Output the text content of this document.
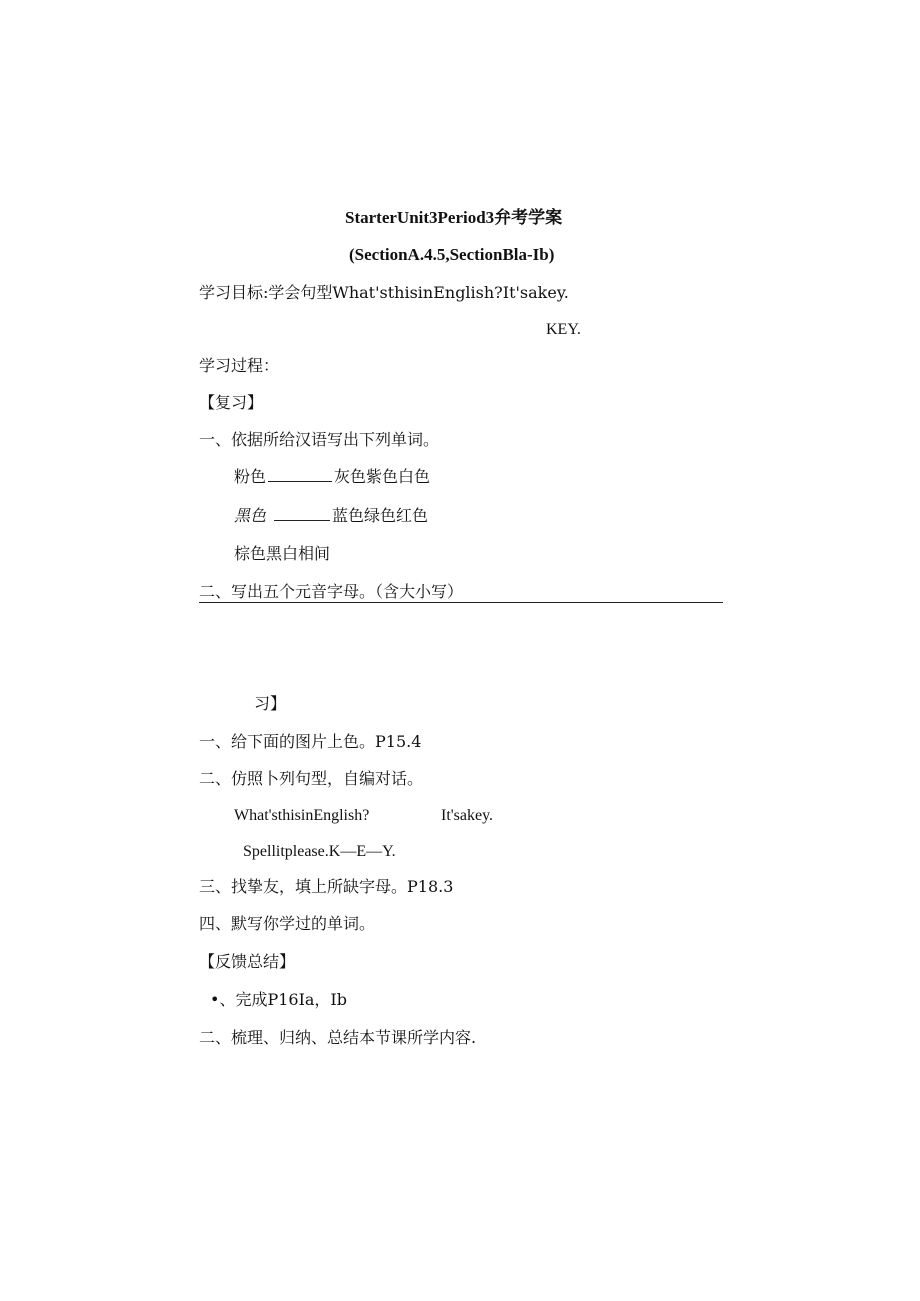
StarterUnit3Period3弁考学案
(SectionA.4.5,SectionBla-Ib)
学习目标:学会句型What'sthisinEnglish?It'sakey.
KEY.
学习过程：
【复习】
一、依据所给汉语写出下列单词。
粉色	灰色紫色白色
黑色	蓝色绿色红色
棕色黑白相间
二、写出五个元音字母。（含大小写）
习】
一、给下面的图片上色。P15.4
二、仿照卜列句型，自编对话。
What'sthisinEnglish?	It'sakey.
Spellitplease.K—E—Y.
三、找挚友，填上所缺字母。P18.3
四、默写你学过的单词。
【反馈总结】
•、完成P16Ia，Ib
二、梳理、归纳、总结本节课所学内容.
